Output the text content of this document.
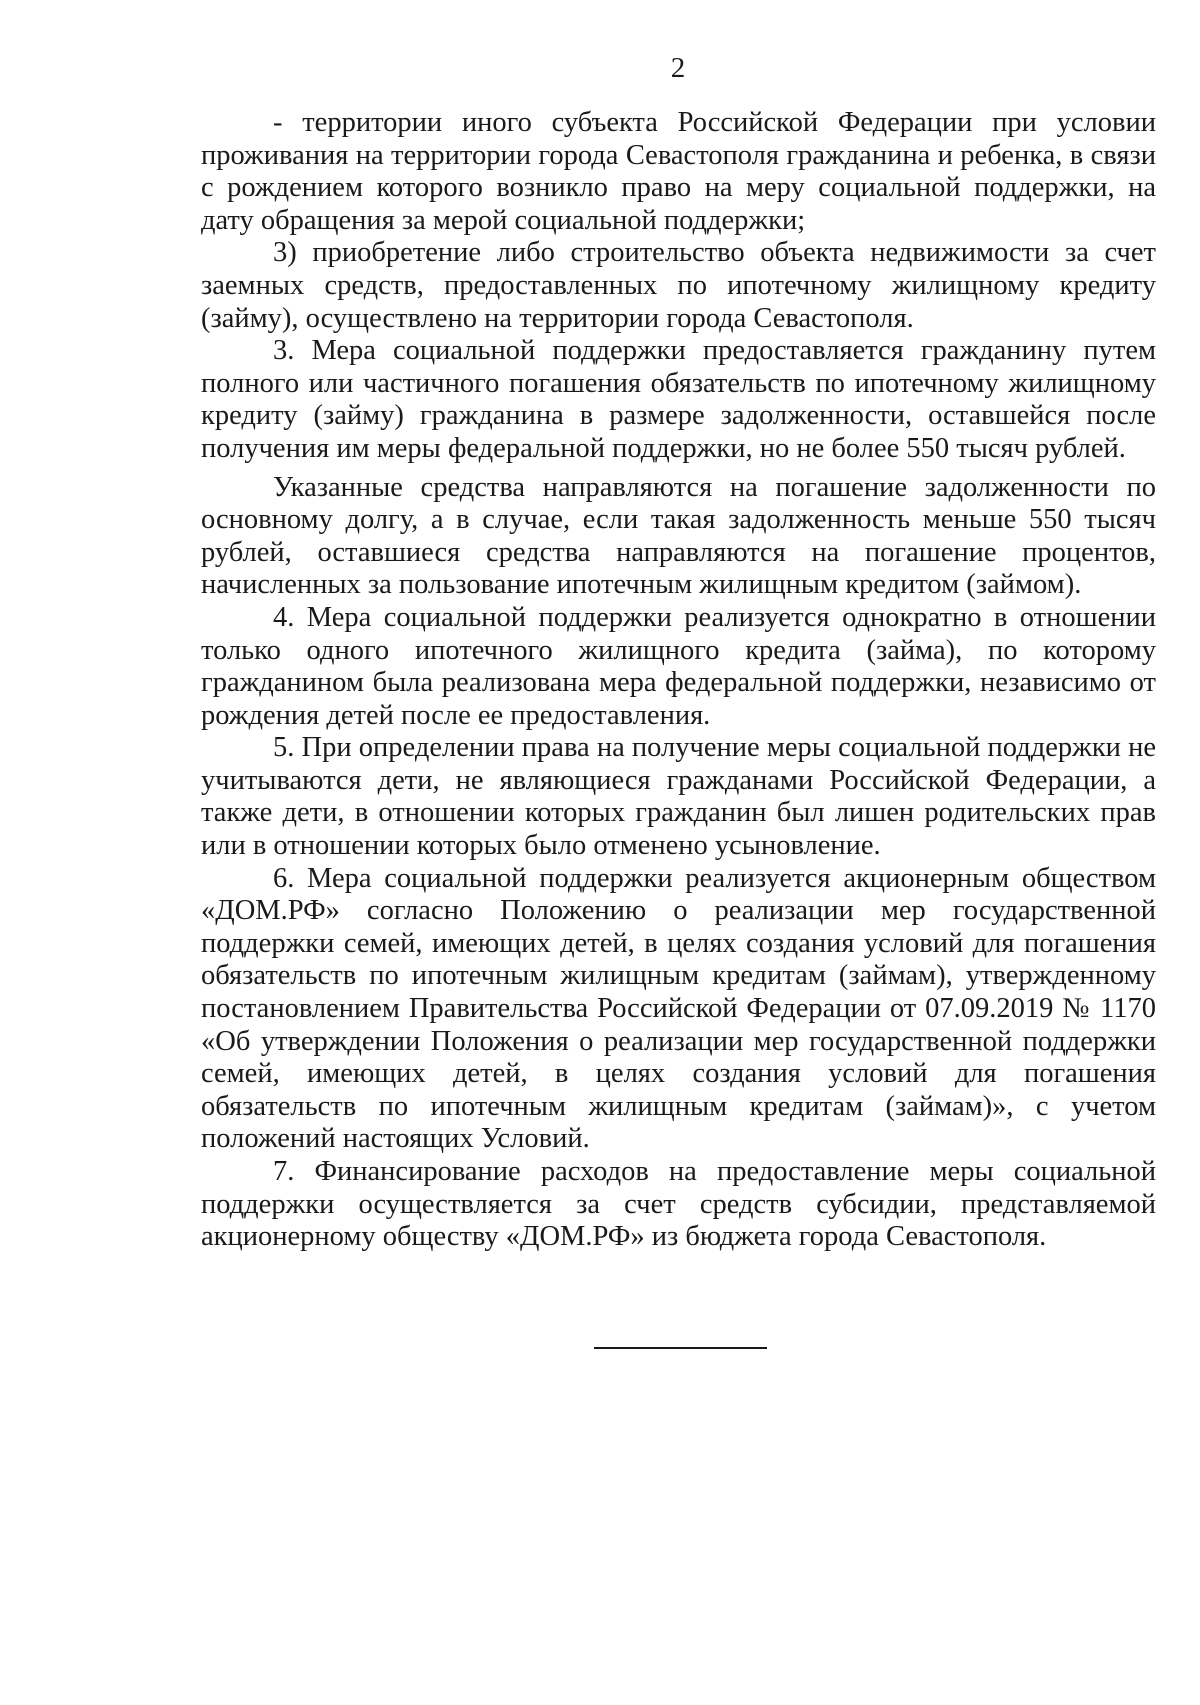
2

- территории иного субъекта Российской Федерации при условии проживания на территории города Севастополя гражданина и ребенка, в связи с рождением которого возникло право на меру социальной поддержки, на дату обращения за мерой социальной поддержки;

3) приобретение либо строительство объекта недвижимости за счет заемных средств, предоставленных по ипотечному жилищному кредиту (займу), осуществлено на территории города Севастополя.

3. Мера социальной поддержки предоставляется гражданину путем полного или частичного погашения обязательств по ипотечному жилищному кредиту (займу) гражданина в размере задолженности, оставшейся после получения им меры федеральной поддержки, но не более 550 тысяч рублей.

Указанные средства направляются на погашение задолженности по основному долгу, а в случае, если такая задолженность меньше 550 тысяч рублей, оставшиеся средства направляются на погашение процентов, начисленных за пользование ипотечным жилищным кредитом (займом).

4. Мера социальной поддержки реализуется однократно в отношении только одного ипотечного жилищного кредита (займа), по которому гражданином была реализована мера федеральной поддержки, независимо от рождения детей после ее предоставления.

5. При определении права на получение меры социальной поддержки не учитываются дети, не являющиеся гражданами Российской Федерации, а также дети, в отношении которых гражданин был лишен родительских прав или в отношении которых было отменено усыновление.

6. Мера социальной поддержки реализуется акционерным обществом «ДОМ.РФ» согласно Положению о реализации мер государственной поддержки семей, имеющих детей, в целях создания условий для погашения обязательств по ипотечным жилищным кредитам (займам), утвержденному постановлением Правительства Российской Федерации от 07.09.2019 № 1170 «Об утверждении Положения о реализации мер государственной поддержки семей, имеющих детей, в целях создания условий для погашения обязательств по ипотечным жилищным кредитам (займам)», с учетом положений настоящих Условий.

7. Финансирование расходов на предоставление меры социальной поддержки осуществляется за счет средств субсидии, представляемой акционерному обществу «ДОМ.РФ» из бюджета города Севастополя.
